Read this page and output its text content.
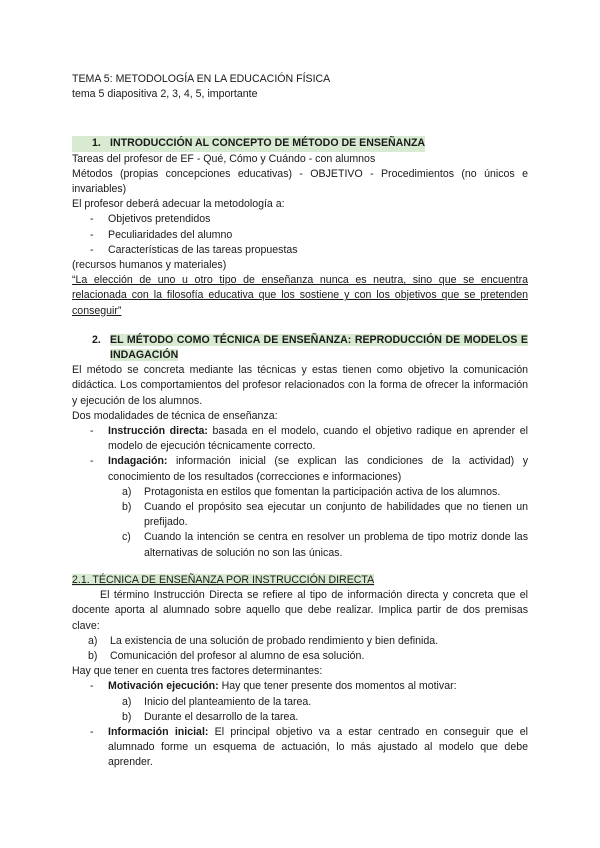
TEMA 5: METODOLOGÍA EN LA EDUCACIÓN FÍSICA

tema 5 diapositiva 2, 3, 4, 5, importante

1. INTRODUCCIÓN AL CONCEPTO DE MÉTODO DE ENSEÑANZA

Tareas del profesor de EF - Qué, Cómo y Cuándo - con alumnos

Métodos (propias concepciones educativas) - OBJETIVO - Procedimientos (no únicos e invariables)

El profesor deberá adecuar la metodología a:

-	Objetivos pretendidos
-	Peculiaridades del alumno
-	Características de las tareas propuestas

(recursos humanos y materiales)

“La elección de uno u otro tipo de enseñanza nunca es neutra, sino que se encuentra relacionada con la filosofía educativa que los sostiene y con los objetivos que se pretenden conseguir”

2. EL MÉTODO COMO TÉCNICA DE ENSEÑANZA: REPRODUCCIÓN DE MODELOS E INDAGACIÓN

El método se concreta mediante las técnicas y estas tienen como objetivo la comunicación didáctica. Los comportamientos del profesor relacionados con la forma de ofrecer la información y ejecución de los alumnos.

Dos modalidades de técnica de enseñanza:

-	Instrucción directa: basada en el modelo, cuando el objetivo radique en aprender el modelo de ejecución técnicamente correcto.
-	Indagación: información inicial (se explican las condiciones de la actividad) y conocimiento de los resultados (correcciones e informaciones)
a)	Protagonista en estilos que fomentan la participación activa de los alumnos.
b)	Cuando el propósito sea ejecutar un conjunto de habilidades que no tienen un prefijado.
c)	Cuando la intención se centra en resolver un problema de tipo motriz donde las alternativas de solución no son las únicas.

2.1. TÉCNICA DE ENSEÑANZA POR INSTRUCCIÓN DIRECTA

El término Instrucción Directa se refiere al tipo de información directa y concreta que el docente aporta al alumnado sobre aquello que debe realizar. Implica partir de dos premisas clave:

a)	La existencia de una solución de probado rendimiento y bien definida.
b)	Comunicación del profesor al alumno de esa solución.

Hay que tener en cuenta tres factores determinantes:

-	Motivación ejecución: Hay que tener presente dos momentos al motivar:
a)	Inicio del planteamiento de la tarea.
b)	Durante el desarrollo de la tarea.
-	Información inicial: El principal objetivo va a estar centrado en conseguir que el alumnado forme un esquema de actuación, lo más ajustado al modelo que debe aprender.
